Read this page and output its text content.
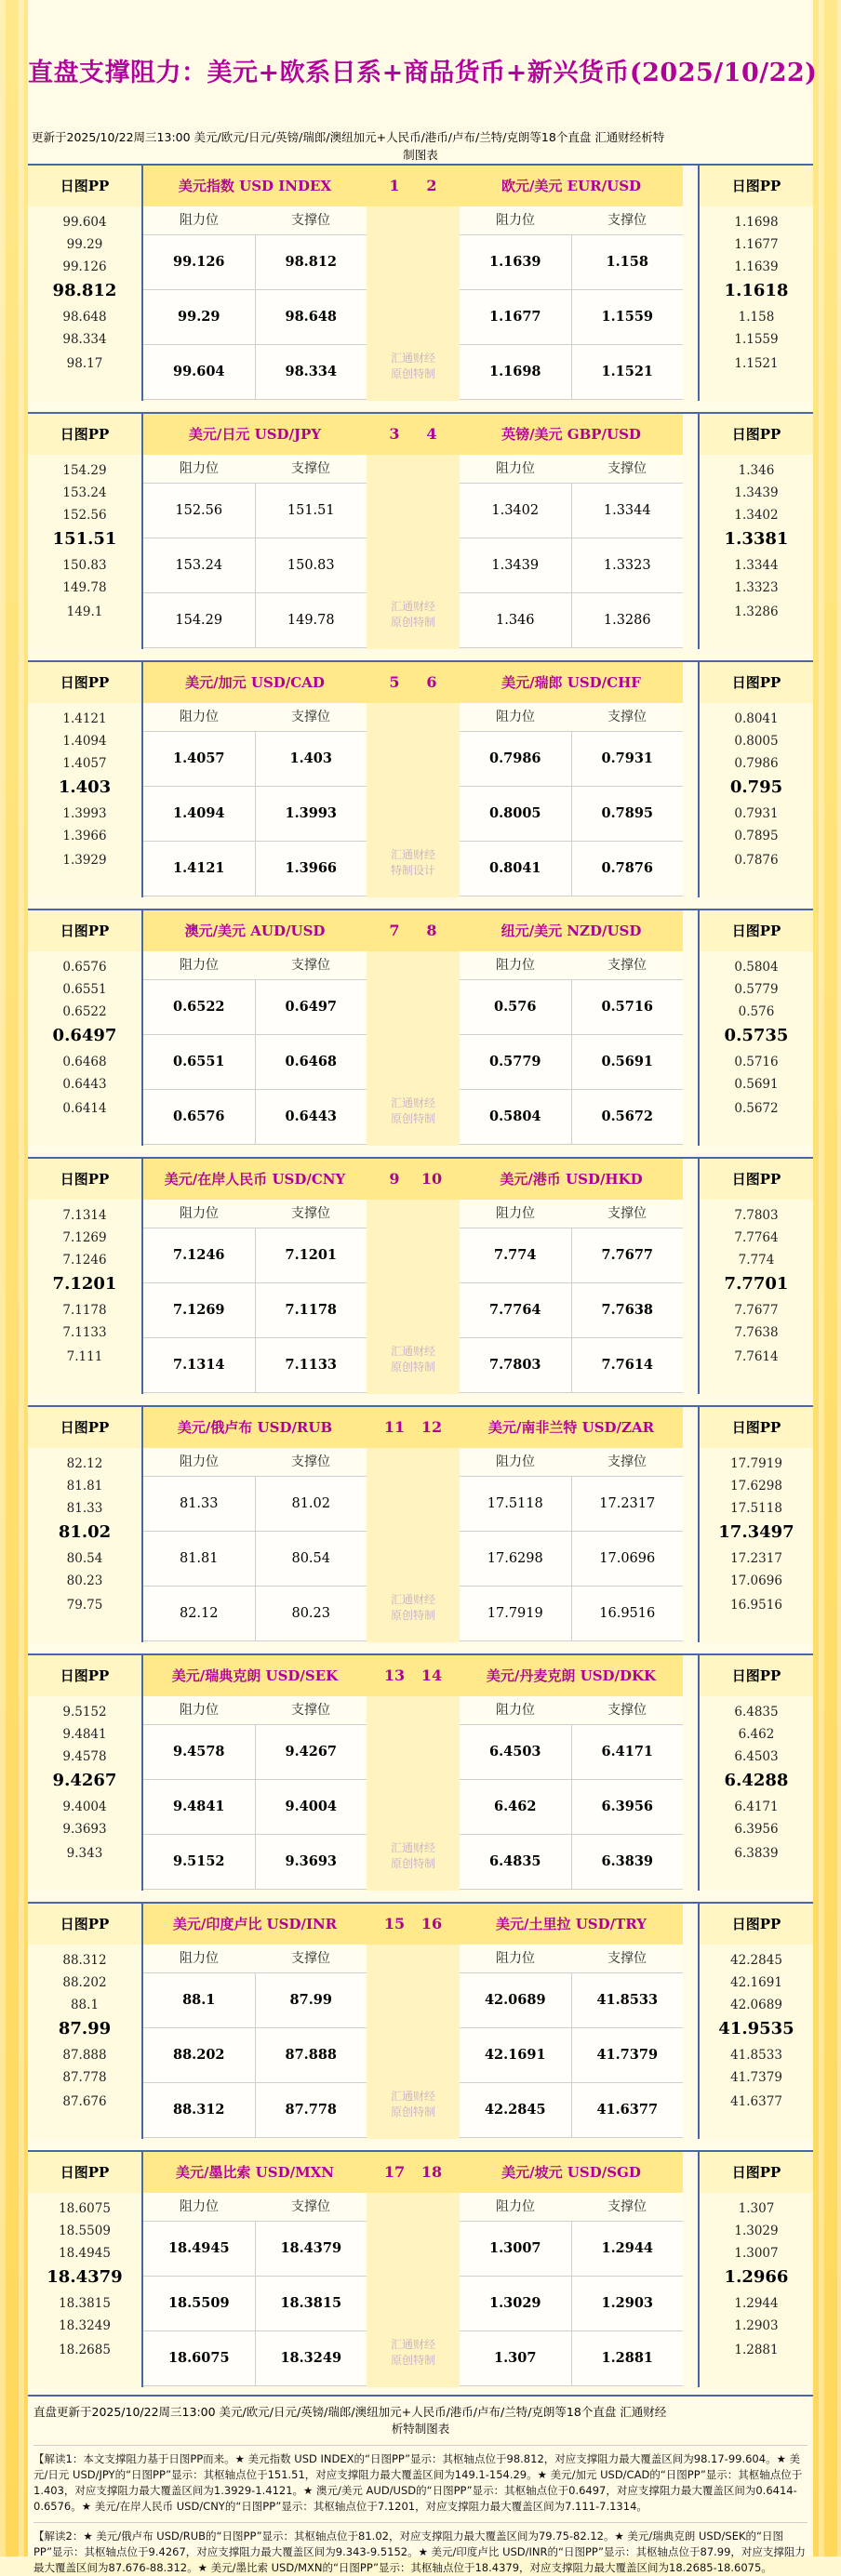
直盘支撑阻力：美元+欧系日系+商品货币+新兴货币(2025/10/22)
更新于2025/10/22周三13:00 美元/欧元/日元/英镑/瑞郎/澳纽加元+人民币/港币/卢布/兰特/克朗等18个直盘 汇通财经析特
制图表
日图PP
99.604
99.29
99.126
98.812
98.648
98.334
98.17
美元指数 USD INDEX
阻力位	支撑位
99.126	98.812
99.29	98.648
99.604	98.334
日图PP
1.1698
1.1677
1.1639
1.1618
1.158
1.1559
1.1521
欧元/美元 EUR/USD
阻力位	支撑位
1.1639	1.158
1.1677	1.1559
1.1698	1.1521
1 2
汇通财经
原创特制
日图PP
154.29
153.24
152.56
151.51
150.83
149.78
149.1
美元/日元 USD/JPY
阻力位	支撑位
152.56	151.51
153.24	150.83
154.29	149.78
日图PP
1.346
1.3439
1.3402
1.3381
1.3344
1.3323
1.3286
英镑/美元 GBP/USD
阻力位	支撑位
1.3402	1.3344
1.3439	1.3323
1.346	1.3286
3 4
汇通财经
原创特制
日图PP
1.4121
1.4094
1.4057
1.403
1.3993
1.3966
1.3929
美元/加元 USD/CAD
阻力位	支撑位
1.4057	1.403
1.4094	1.3993
1.4121	1.3966
日图PP
0.8041
0.8005
0.7986
0.795
0.7931
0.7895
0.7876
美元/瑞郎 USD/CHF
阻力位	支撑位
0.7986	0.7931
0.8005	0.7895
0.8041	0.7876
5 6
汇通财经
特制设计
日图PP
0.6576
0.6551
0.6522
0.6497
0.6468
0.6443
0.6414
澳元/美元 AUD/USD
阻力位	支撑位
0.6522	0.6497
0.6551	0.6468
0.6576	0.6443
日图PP
0.5804
0.5779
0.576
0.5735
0.5716
0.5691
0.5672
纽元/美元 NZD/USD
阻力位	支撑位
0.576	0.5716
0.5779	0.5691
0.5804	0.5672
7 8
汇通财经
原创特制
日图PP
7.1314
7.1269
7.1246
7.1201
7.1178
7.1133
7.111
美元/在岸人民币 USD/CNY
阻力位	支撑位
7.1246	7.1201
7.1269	7.1178
7.1314	7.1133
日图PP
7.7803
7.7764
7.774
7.7701
7.7677
7.7638
7.7614
美元/港币 USD/HKD
阻力位	支撑位
7.774	7.7677
7.7764	7.7638
7.7803	7.7614
9 10
汇通财经
原创特制
日图PP
82.12
81.81
81.33
81.02
80.54
80.23
79.75
美元/俄卢布 USD/RUB
阻力位	支撑位
81.33	81.02
81.81	80.54
82.12	80.23
日图PP
17.7919
17.6298
17.5118
17.3497
17.2317
17.0696
16.9516
美元/南非兰特 USD/ZAR
阻力位	支撑位
17.5118	17.2317
17.6298	17.0696
17.7919	16.9516
11 12
汇通财经
原创特制
日图PP
9.5152
9.4841
9.4578
9.4267
9.4004
9.3693
9.343
美元/瑞典克朗 USD/SEK
阻力位	支撑位
9.4578	9.4267
9.4841	9.4004
9.5152	9.3693
日图PP
6.4835
6.462
6.4503
6.4288
6.4171
6.3956
6.3839
美元/丹麦克朗 USD/DKK
阻力位	支撑位
6.4503	6.4171
6.462	6.3956
6.4835	6.3839
13 14
汇通财经
原创特制
日图PP
88.312
88.202
88.1
87.99
87.888
87.778
87.676
美元/印度卢比 USD/INR
阻力位	支撑位
88.1	87.99
88.202	87.888
88.312	87.778
日图PP
42.2845
42.1691
42.0689
41.9535
41.8533
41.7379
41.6377
美元/土里拉 USD/TRY
阻力位	支撑位
42.0689	41.8533
42.1691	41.7379
42.2845	41.6377
15 16
汇通财经
原创特制
日图PP
18.6075
18.5509
18.4945
18.4379
18.3815
18.3249
18.2685
美元/墨比索 USD/MXN
阻力位	支撑位
18.4945	18.4379
18.5509	18.3815
18.6075	18.3249
日图PP
1.307
1.3029
1.3007
1.2966
1.2944
1.2903
1.2881
美元/坡元 USD/SGD
阻力位	支撑位
1.3007	1.2944
1.3029	1.2903
1.307	1.2881
17 18
汇通财经
原创特制
直盘更新于2025/10/22周三13:00 美元/欧元/日元/英镑/瑞郎/澳纽加元+人民币/港币/卢布/兰特/克朗等18个直盘 汇通财经
析特制图表
【解读1：本文支撑阻力基于日图PP而来。★ 美元指数 USD INDEX的“日图PP”显示：其枢轴点位于98.812，对应支撑阻力最大覆盖区间为98.17-99.604。★ 美元/日元 USD/JPY的“日图PP”显示：其枢轴点位于151.51，对应支撑阻力最大覆盖区间为149.1-154.29。★ 美元/加元 USD/CAD的“日图PP”显示：其枢轴点位于1.403，对应支撑阻力最大覆盖区间为1.3929-1.4121。★ 澳元/美元 AUD/USD的“日图PP”显示：其枢轴点位于0.6497，对应支撑阻力最大覆盖区间为0.6414-0.6576。★ 美元/在岸人民币 USD/CNY的“日图PP”显示：其枢轴点位于7.1201，对应支撑阻力最大覆盖区间为7.111-7.1314。
【解读2：★ 美元/俄卢布 USD/RUB的“日图PP”显示：其枢轴点位于81.02，对应支撑阻力最大覆盖区间为79.75-82.12。★ 美元/瑞典克朗 USD/SEK的“日图PP”显示：其枢轴点位于9.4267，对应支撑阻力最大覆盖区间为9.343-9.5152。★ 美元/印度卢比 USD/INR的“日图PP”显示：其枢轴点位于87.99，对应支撑阻力最大覆盖区间为87.676-88.312。★ 美元/墨比索 USD/MXN的“日图PP”显示：其枢轴点位于18.4379，对应支撑阻力最大覆盖区间为18.2685-18.6075。
